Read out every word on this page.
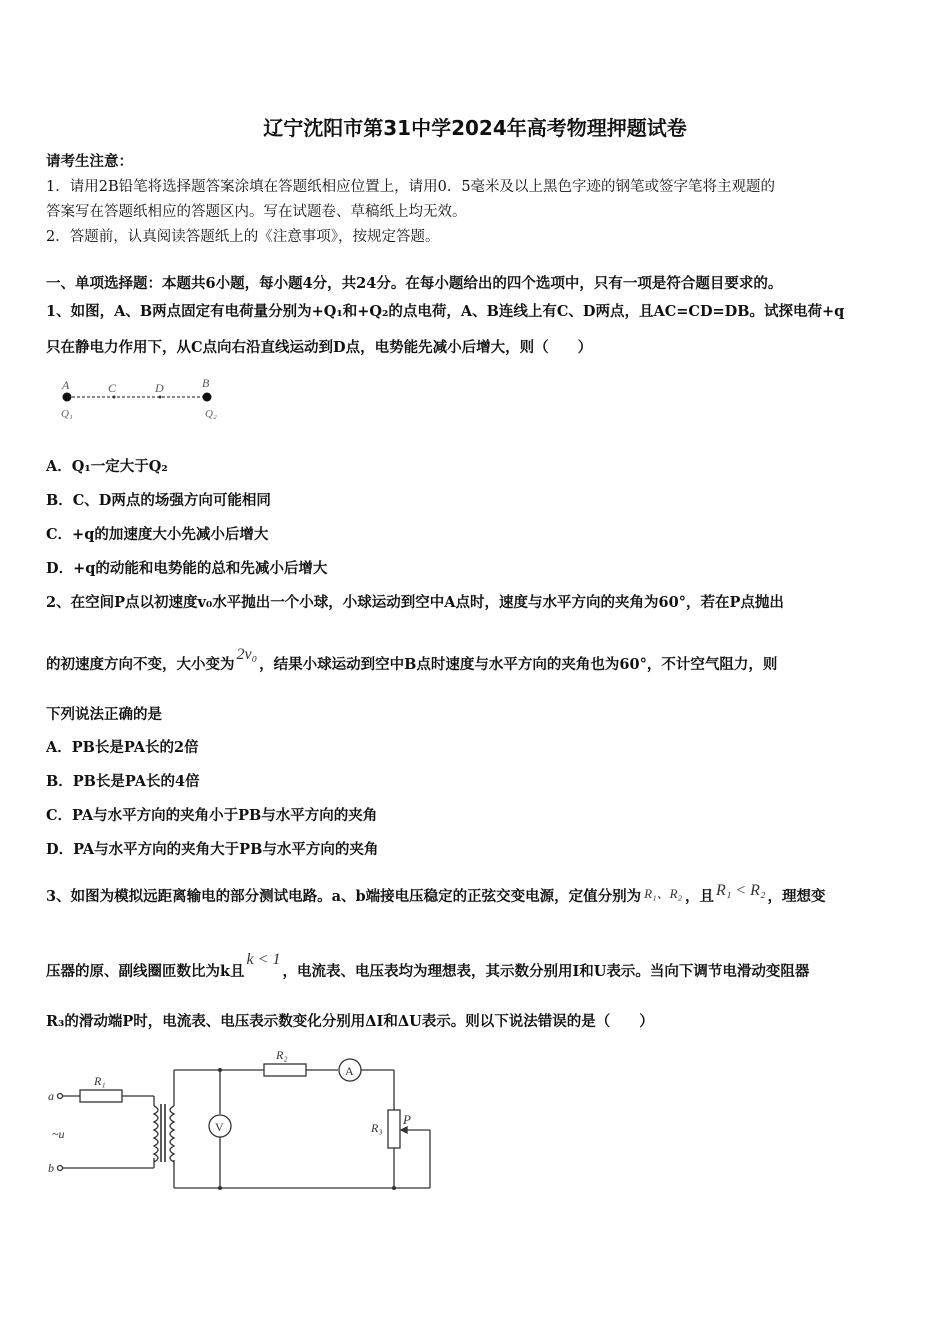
辽宁沈阳市第31中学2024年高考物理押题试卷
请考生注意：
1．请用2B铅笔将选择题答案涂填在答题纸相应位置上，请用0．5毫米及以上黑色字迹的钢笔或签字笔将主观题的
答案写在答题纸相应的答题区内。写在试题卷、草稿纸上均无效。
2．答题前，认真阅读答题纸上的《注意事项》，按规定答题。
一、单项选择题：本题共6小题，每小题4分，共24分。在每小题给出的四个选项中，只有一项是符合题目要求的。
1、如图，A、B两点固定有电荷量分别为+Q₁和+Q₂的点电荷，A、B连线上有C、D两点，且AC=CD=DB。试探电荷+q
只在静电力作用下，从C点向右沿直线运动到D点，电势能先减小后增大，则（　　）
A	C	D	B
Q₁	Q₂
A．Q₁一定大于Q₂
B．C、D两点的场强方向可能相同
C．+q的加速度大小先减小后增大
D．+q的动能和电势能的总和先减小后增大
2、在空间P点以初速度v₀水平抛出一个小球，小球运动到空中A点时，速度与水平方向的夹角为60°，若在P点抛出
的初速度方向不变，大小变为2v₀，结果小球运动到空中B点时速度与水平方向的夹角也为60°，不计空气阻力，则
下列说法正确的是
A．PB长是PA长的2倍
B．PB长是PA长的4倍
C．PA与水平方向的夹角小于PB与水平方向的夹角
D．PA与水平方向的夹角大于PB与水平方向的夹角
3、如图为模拟远距离输电的部分测试电路。a、b端接电压稳定的正弦交变电源，定值分别为 R₁、R₂ ，且 R₁ < R₂ ，理想变
压器的原、副线圈匝数比为k且k < 1，电流表、电压表均为理想表，其示数分别用I和U表示。当向下调节电滑动变阻器
R₃的滑动端P时，电流表、电压表示数变化分别用ΔI和ΔU表示。则以下说法错误的是（　　）
a
b
~u
R₁
R₂
R₃
P
V
A
